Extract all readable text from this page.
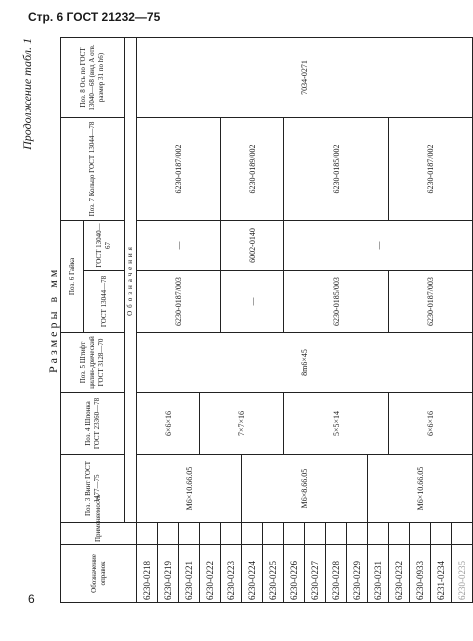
Стр. 6 ГОСТ 21232—75
Продолжение табл. 1
Размеры в мм
Обозначение оправок	Применяемость	Поз. 3 Винт ГОСТ 1477—75	Поз. 4 Шпонка ГОСТ 23360—78	Поз. 5 Штифт цилин-дрический ГОСТ 3128—70	Поз. 6 Гайка		Поз. 7 Кольцо ГОСТ 13044—78	Поз. 8 Ось по ГОСТ 13040—68 (вид А отв. размер 31 по h6)
					ГОСТ 13044—78	ГОСТ 13040—67		
		Обозначения						
6230-0218		M6×10.66.05	6×6×16	8m6×45	6230-0187/003	—	6230-0187/002	7034-0271
6230-0219								
6230-0221								
6230-0222			7×7×16					
6230-0223					—	6002-0140	6230-0189/002	
6230-0224		M6×8.66.05						
6230-0225								
6230-0226			5×5×14		6230-0185/003	—	6230-0185/002	
6230-0227								
6230-0228								
6230-0229								
6230-0231		M6×10.66.05						
6230-0232			6×6×16		6230-0187/003		6230-0187/002	
6230-0933								
6231-0234								
6230-0235								
6
